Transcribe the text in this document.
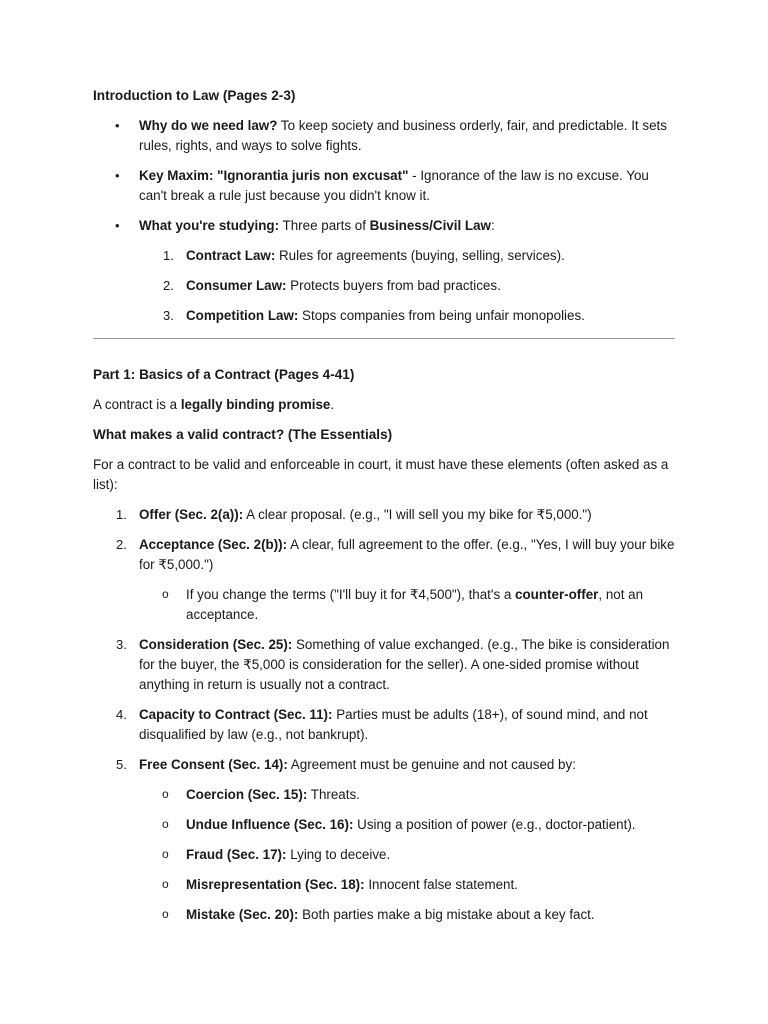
Introduction to Law (Pages 2-3)

• Why do we need law? To keep society and business orderly, fair, and predictable. It sets rules, rights, and ways to solve fights.
• Key Maxim: "Ignorantia juris non excusat" - Ignorance of the law is no excuse. You can't break a rule just because you didn't know it.
• What you're studying: Three parts of Business/Civil Law:
1. Contract Law: Rules for agreements (buying, selling, services).
2. Consumer Law: Protects buyers from bad practices.
3. Competition Law: Stops companies from being unfair monopolies.

Part 1: Basics of a Contract (Pages 4-41)

A contract is a legally binding promise.

What makes a valid contract? (The Essentials)

For a contract to be valid and enforceable in court, it must have these elements (often asked as a list):

1. Offer (Sec. 2(a)): A clear proposal. (e.g., "I will sell you my bike for ₹5,000.")
2. Acceptance (Sec. 2(b)): A clear, full agreement to the offer. (e.g., "Yes, I will buy your bike for ₹5,000.")
o If you change the terms ("I'll buy it for ₹4,500"), that's a counter-offer, not an acceptance.
3. Consideration (Sec. 25): Something of value exchanged. (e.g., The bike is consideration for the buyer, the ₹5,000 is consideration for the seller). A one-sided promise without anything in return is usually not a contract.
4. Capacity to Contract (Sec. 11): Parties must be adults (18+), of sound mind, and not disqualified by law (e.g., not bankrupt).
5. Free Consent (Sec. 14): Agreement must be genuine and not caused by:
o Coercion (Sec. 15): Threats.
o Undue Influence (Sec. 16): Using a position of power (e.g., doctor-patient).
o Fraud (Sec. 17): Lying to deceive.
o Misrepresentation (Sec. 18): Innocent false statement.
o Mistake (Sec. 20): Both parties make a big mistake about a key fact.
